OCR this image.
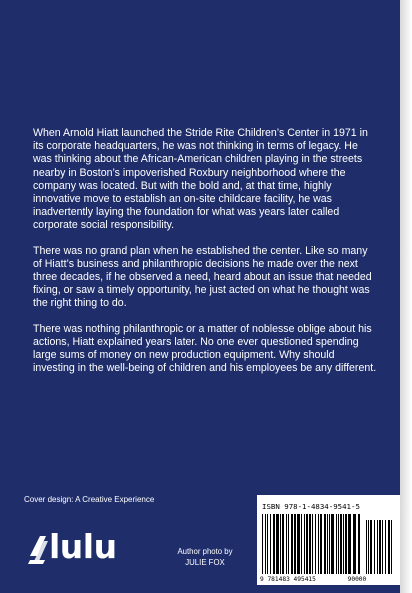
When Arnold Hiatt launched the Stride Rite Children’s Center in 1971 in its corporate headquarters, he was not thinking in terms of legacy. He was thinking about the African-American children playing in the streets nearby in Boston’s impoverished Roxbury neighborhood where the company was located. But with the bold and, at that time, highly innovative move to establish an on-site childcare facility, he was inadvertently laying the foundation for what was years later called corporate social responsibility.

There was no grand plan when he established the center. Like so many of Hiatt’s business and philanthropic decisions he made over the next three decades, if he observed a need, heard about an issue that needed fixing, or saw a timely opportunity, he just acted on what he thought was the right thing to do.

There was nothing philanthropic or a matter of noblesse oblige about his actions, Hiatt explained years later. No one ever questioned spending large sums of money on new production equipment. Why should investing in the well-being of children and his employees be any different.

Cover design: A Creative Experience
lulu	Author photo by
JULIE FOX
ISBN 978-1-4834-9541-5
9 781483 495415	90000
